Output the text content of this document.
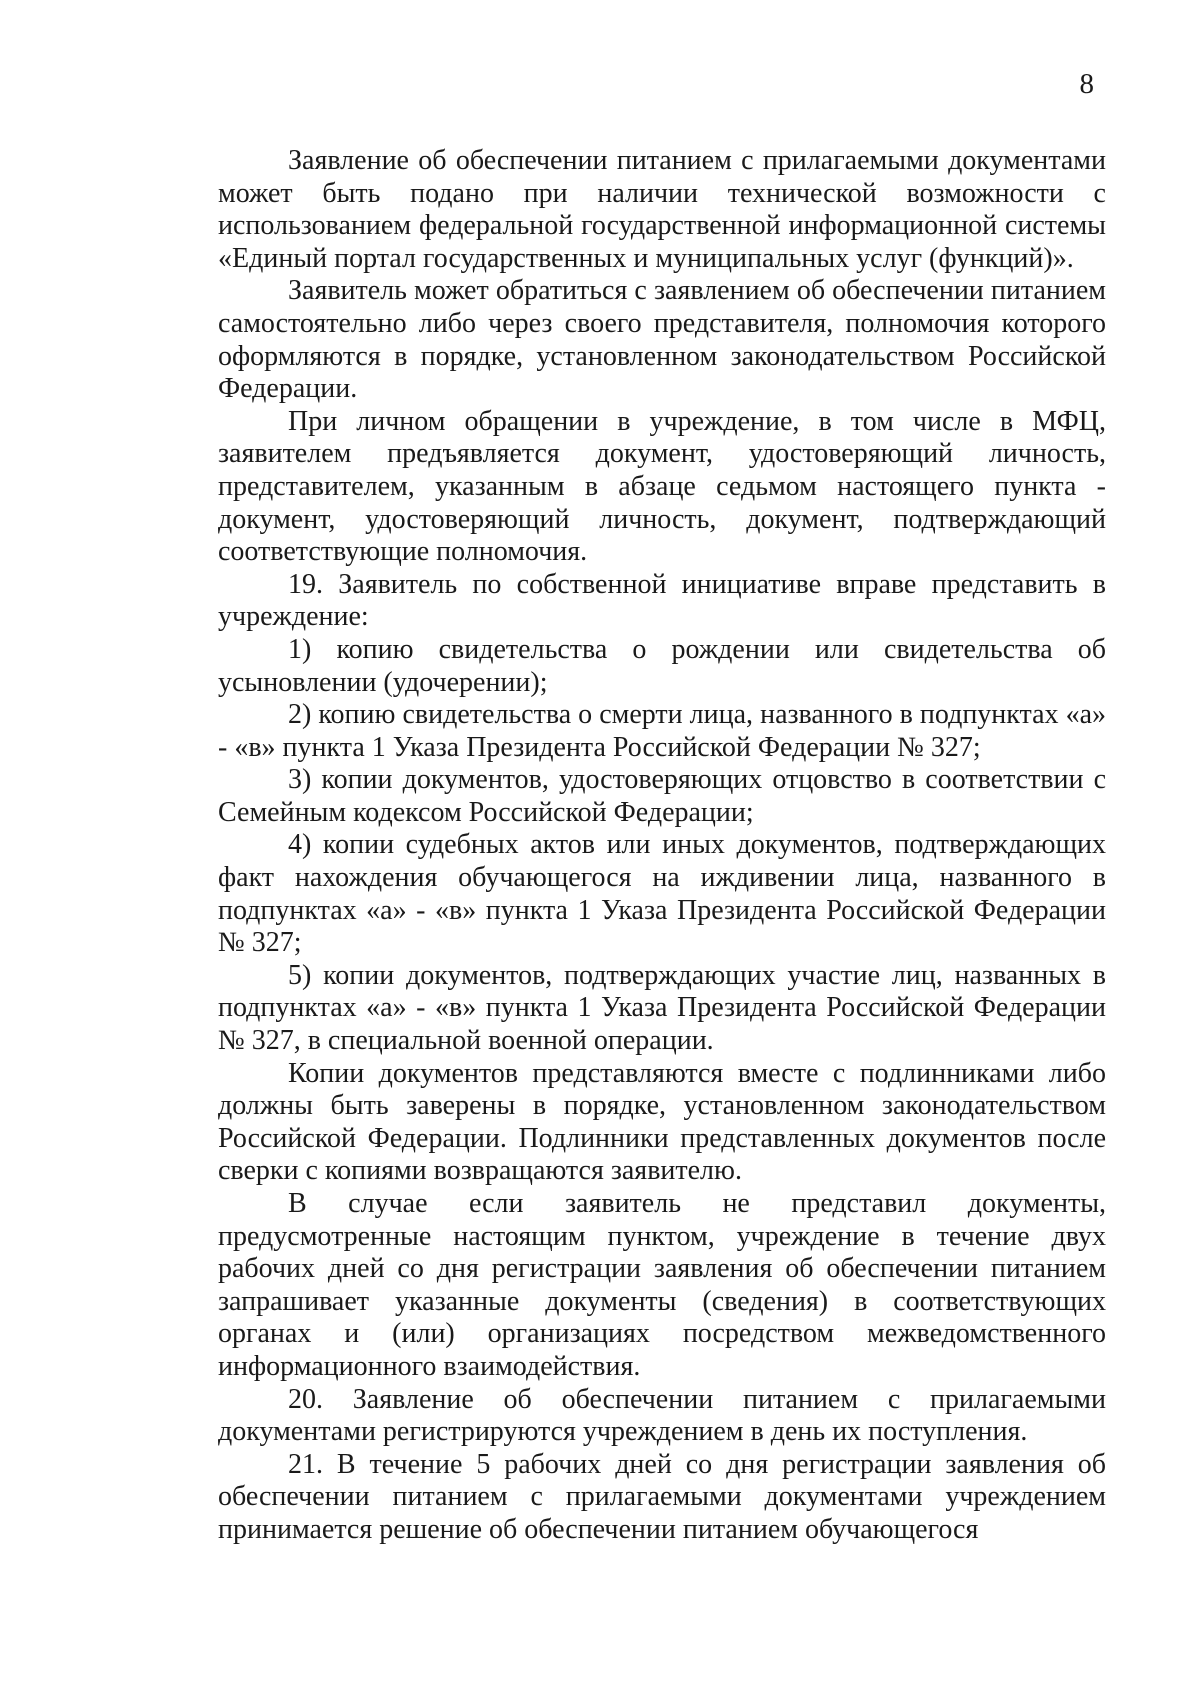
8

Заявление об обеспечении питанием с прилагаемыми документами может быть подано при наличии технической возможности с использованием федеральной государственной информационной системы «Единый портал государственных и муниципальных услуг (функций)».

Заявитель может обратиться с заявлением об обеспечении питанием самостоятельно либо через своего представителя, полномочия которого оформляются в порядке, установленном законодательством Российской Федерации.

При личном обращении в учреждение, в том числе в МФЦ, заявителем предъявляется документ, удостоверяющий личность, представителем, указанным в абзаце седьмом настоящего пункта - документ, удостоверяющий личность, документ, подтверждающий соответствующие полномочия.

19. Заявитель по собственной инициативе вправе представить в учреждение:

1) копию свидетельства о рождении или свидетельства об усыновлении (удочерении);

2) копию свидетельства о смерти лица, названного в подпунктах «а» - «в» пункта 1 Указа Президента Российской Федерации № 327;

3) копии документов, удостоверяющих отцовство в соответствии с Семейным кодексом Российской Федерации;

4) копии судебных актов или иных документов, подтверждающих факт нахождения обучающегося на иждивении лица, названного в подпунктах «а» - «в» пункта 1 Указа Президента Российской Федерации № 327;

5) копии документов, подтверждающих участие лиц, названных в подпунктах «а» - «в» пункта 1 Указа Президента Российской Федерации № 327, в специальной военной операции.

Копии документов представляются вместе с подлинниками либо должны быть заверены в порядке, установленном законодательством Российской Федерации. Подлинники представленных документов после сверки с копиями возвращаются заявителю.

В случае если заявитель не представил документы, предусмотренные настоящим пунктом, учреждение в течение двух рабочих дней со дня регистрации заявления об обеспечении питанием запрашивает указанные документы (сведения) в соответствующих органах и (или) организациях посредством межведомственного информационного взаимодействия.

20. Заявление об обеспечении питанием с прилагаемыми документами регистрируются учреждением в день их поступления.

21. В течение 5 рабочих дней со дня регистрации заявления об обеспечении питанием с прилагаемыми документами учреждением принимается решение об обеспечении питанием обучающегося
